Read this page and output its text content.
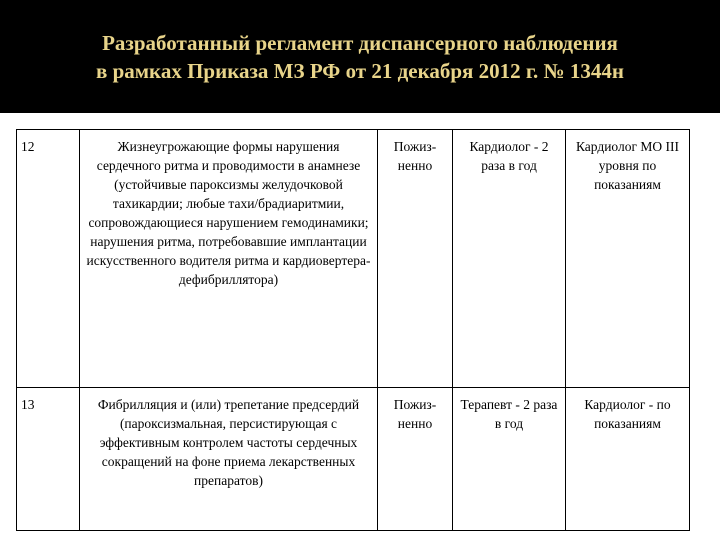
Разработанный регламент диспансерного наблюдения
в рамках Приказа МЗ РФ от 21 декабря 2012 г. № 1344н
12	Жизнеугрожающие формы нарушения сердечного ритма и проводимости в анамнезе (устойчивые пароксизмы желудочковой тахикардии; любые тахи/брадиаритмии, сопровождающиеся нарушением гемодинамики; нарушения ритма, потребовавшие имплантации искусственного водителя ритма и кардиовертера-дефибриллятора)	Пожиз-ненно	Кардиолог - 2 раза в год	Кардиолог МО III уровня по показаниям
13	Фибрилляция и (или) трепетание предсердий (пароксизмальная, персистирующая с эффективным контролем частоты сердечных сокращений на фоне приема лекарственных препаратов)	Пожиз-ненно	Терапевт - 2 раза в год	Кардиолог - по показаниям
